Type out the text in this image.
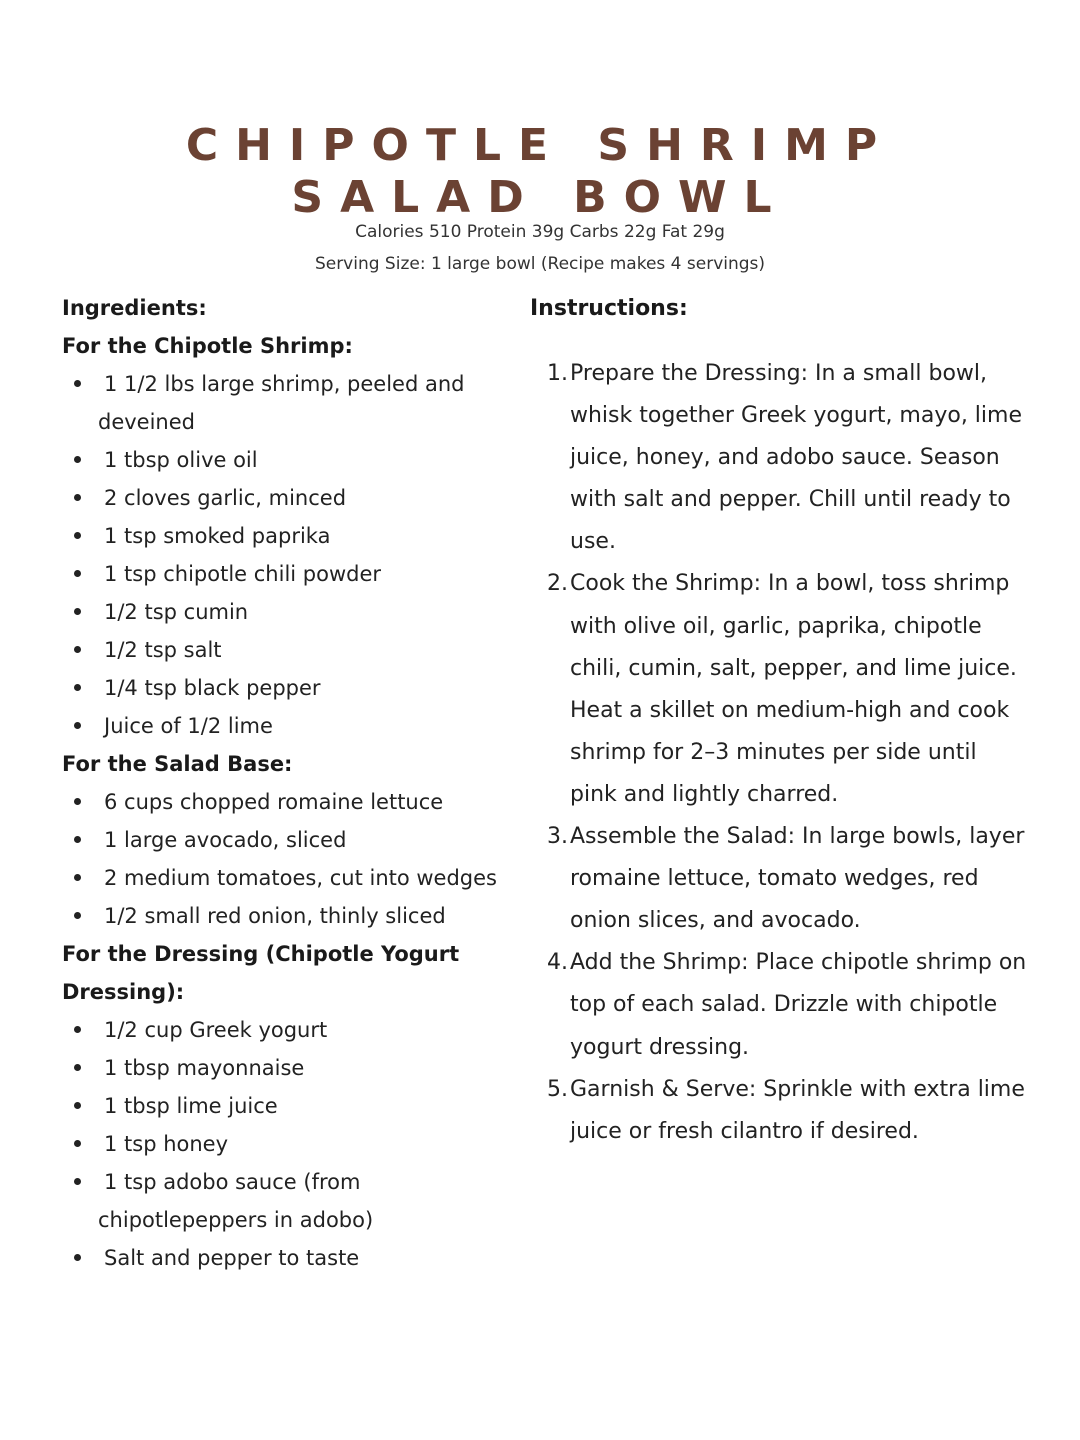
CHIPOTLE SHRIMP
SALAD BOWL
Calories 510 Protein 39g Carbs 22g Fat 29g
Serving Size: 1 large bowl (Recipe makes 4 servings)
Ingredients:
For the Chipotle Shrimp:
1 1/2 lbs large shrimp, peeled and deveined
1 tbsp olive oil
2 cloves garlic, minced
1 tsp smoked paprika
1 tsp chipotle chili powder
1/2 tsp cumin
1/2 tsp salt
1/4 tsp black pepper
Juice of 1/2 lime
For the Salad Base:
6 cups chopped romaine lettuce
1 large avocado, sliced
2 medium tomatoes, cut into wedges
1/2 small red onion, thinly sliced
For the Dressing (Chipotle Yogurt Dressing):
1/2 cup Greek yogurt
1 tbsp mayonnaise
1 tbsp lime juice
1 tsp honey
1 tsp adobo sauce (from chipotlepeppers in adobo)
Salt and pepper to taste
Instructions:
1. Prepare the Dressing: In a small bowl, whisk together Greek yogurt, mayo, lime juice, honey, and adobo sauce. Season with salt and pepper. Chill until ready to use.
2. Cook the Shrimp: In a bowl, toss shrimp with olive oil, garlic, paprika, chipotle chili, cumin, salt, pepper, and lime juice. Heat a skillet on medium-high and cook shrimp for 2–3 minutes per side until pink and lightly charred.
3. Assemble the Salad: In large bowls, layer romaine lettuce, tomato wedges, red onion slices, and avocado.
4. Add the Shrimp: Place chipotle shrimp on top of each salad. Drizzle with chipotle yogurt dressing.
5. Garnish & Serve: Sprinkle with extra lime juice or fresh cilantro if desired.
